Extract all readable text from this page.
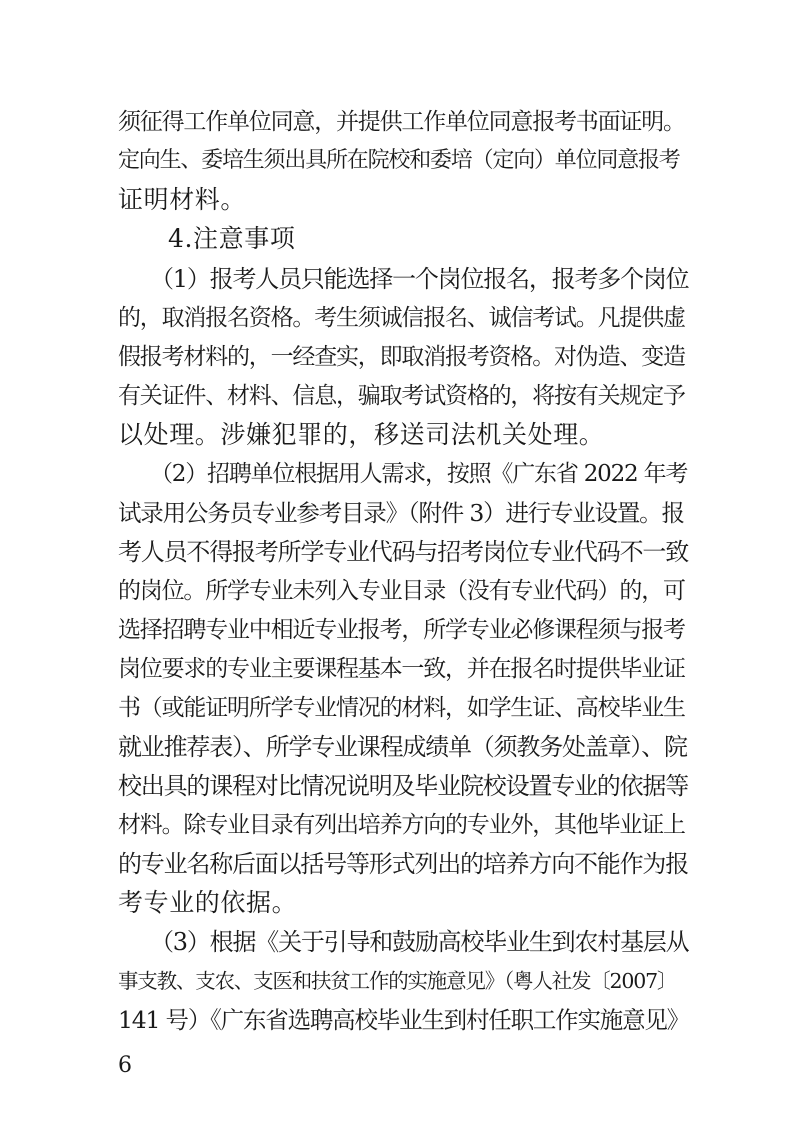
须征得工作单位同意，并提供工作单位同意报考书面证明。
定向生、委培生须出具所在院校和委培（定向）单位同意报考
证明材料。
4.注意事项
（1）报考人员只能选择一个岗位报名，报考多个岗位
的，取消报名资格。考生须诚信报名、诚信考试。凡提供虚
假报考材料的，一经查实，即取消报考资格。对伪造、变造
有关证件、材料、信息，骗取考试资格的，将按有关规定予
以处理。涉嫌犯罪的，移送司法机关处理。
（2）招聘单位根据用人需求，按照《广东省 2022 年考
试录用公务员专业参考目录》（附件 3）进行专业设置。报
考人员不得报考所学专业代码与招考岗位专业代码不一致
的岗位。所学专业未列入专业目录（没有专业代码）的，可
选择招聘专业中相近专业报考，所学专业必修课程须与报考
岗位要求的专业主要课程基本一致，并在报名时提供毕业证
书（或能证明所学专业情况的材料，如学生证、高校毕业生
就业推荐表）、所学专业课程成绩单（须教务处盖章）、院
校出具的课程对比情况说明及毕业院校设置专业的依据等
材料。除专业目录有列出培养方向的专业外，其他毕业证上
的专业名称后面以括号等形式列出的培养方向不能作为报
考专业的依据。
（3）根据《关于引导和鼓励高校毕业生到农村基层从
事支教、支农、支医和扶贫工作的实施意见》（粤人社发〔2007〕
141 号）《广东省选聘高校毕业生到村任职工作实施意见》
6
